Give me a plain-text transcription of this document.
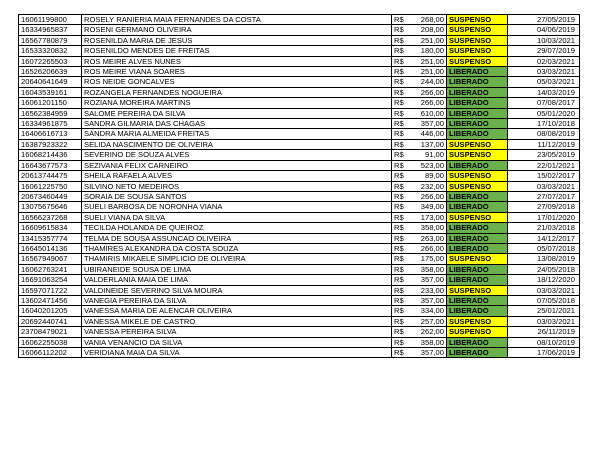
16061199800	ROSELY RANIERIA MAIA FERNANDES DA COSTA	R$ 268,00	SUSPENSO	27/05/2019
16334965837	ROSENI GERMANO OLIVEIRA	R$ 208,00	SUSPENSO	04/06/2019
16567780879	ROSENILDA MARIA DE JESUS	R$ 251,00	SUSPENSO	10/03/2021
16533320832	ROSENILDO MENDES DE FREITAS	R$ 180,00	SUSPENSO	29/07/2019
16072265503	ROS MEIRE ALVES NUNES	R$ 251,00	SUSPENSO	02/03/2021
16526206639	ROS MEIRE VIANA SOARES	R$ 251,00	LIBERADO	03/03/2021
20640641649	ROS NEIDE GONCALVES	R$ 244,00	LIBERADO	05/03/2021
16043539161	ROZANGELA FERNANDES NOGUEIRA	R$ 266,00	LIBERADO	14/03/2019
16061201150	ROZIANA MOREIRA MARTINS	R$ 266,00	LIBERADO	07/08/2017
16562384959	SALOME PEREIRA DA SILVA	R$ 610,00	LIBERADO	05/01/2020
16334961875	SANDRA GILMARIA DAS CHAGAS	R$ 357,00	LIBERADO	17/10/2018
16406616713	SANDRA MARIA ALMEIDA FREITAS	R$ 446,00	LIBERADO	08/08/2019
16387923322	SELIDA NASCIMENTO DE OLIVEIRA	R$ 137,00	SUSPENSO	11/12/2019
16068214436	SEVERINO DE SOUZA ALVES	R$ 91,00	SUSPENSO	23/05/2019
16643677573	SEZIVANIA FELIX CARNEIRO	R$ 523,00	LIBERADO	22/01/2021
20613744475	SHEILA RAFAELA ALVES	R$ 89,00	SUSPENSO	15/02/2017
16061225750	SILVINO NETO MEDEIROS	R$ 232,00	SUSPENSO	03/03/2021
20673460449	SORAIA DE SOUSA SANTOS	R$ 266,00	LIBERADO	27/07/2017
13075675646	SUELI BARBOSA DE NORONHA VIANA	R$ 349,00	LIBERADO	27/09/2018
16566237268	SUELI VIANA DA SILVA	R$ 173,00	SUSPENSO	17/01/2020
16609615834	TECILDA HOLANDA DE QUEIROZ	R$ 358,00	LIBERADO	21/03/2018
13415357774	TELMA DE SOUSA ASSUNCAO OLIVEIRA	R$ 263,00	LIBERADO	14/12/2017
16645014136	THAMIRES ALEXANDRA DA COSTA SOUZA	R$ 266,00	LIBERADO	05/07/2018
16567949067	THAMIRIS MIKAELE SIMPLICIO DE OLIVEIRA	R$ 175,00	SUSPENSO	13/08/2019
16062763241	UBIRANEIDE SOUSA DE LIMA	R$ 358,00	LIBERADO	24/05/2018
16691063254	VALDERLANIA MAIA DE LIMA	R$ 357,00	LIBERADO	18/12/2020
16597071722	VALDINEIDE SEVERINO SILVA MOURA	R$ 233,00	SUSPENSO	03/03/2021
13602471456	VANEGIA PEREIRA DA SILVA	R$ 357,00	LIBERADO	07/05/2018
16040201205	VANESSA MARIA DE ALENCAR OLIVEIRA	R$ 334,00	LIBERADO	25/01/2021
20692440741	VANESSA MIKELE DE CASTRO	R$ 257,00	SUSPENSO	03/03/2021
23708479021	VANESSA PEREIRA SILVA	R$ 262,00	SUSPENSO	26/11/2019
16062255038	VANIA VENANCIO DA SILVA	R$ 358,00	LIBERADO	08/10/2019
16066112202	VERIDIANA MAIA DA SILVA	R$ 357,00	LIBERADO	17/06/2019
